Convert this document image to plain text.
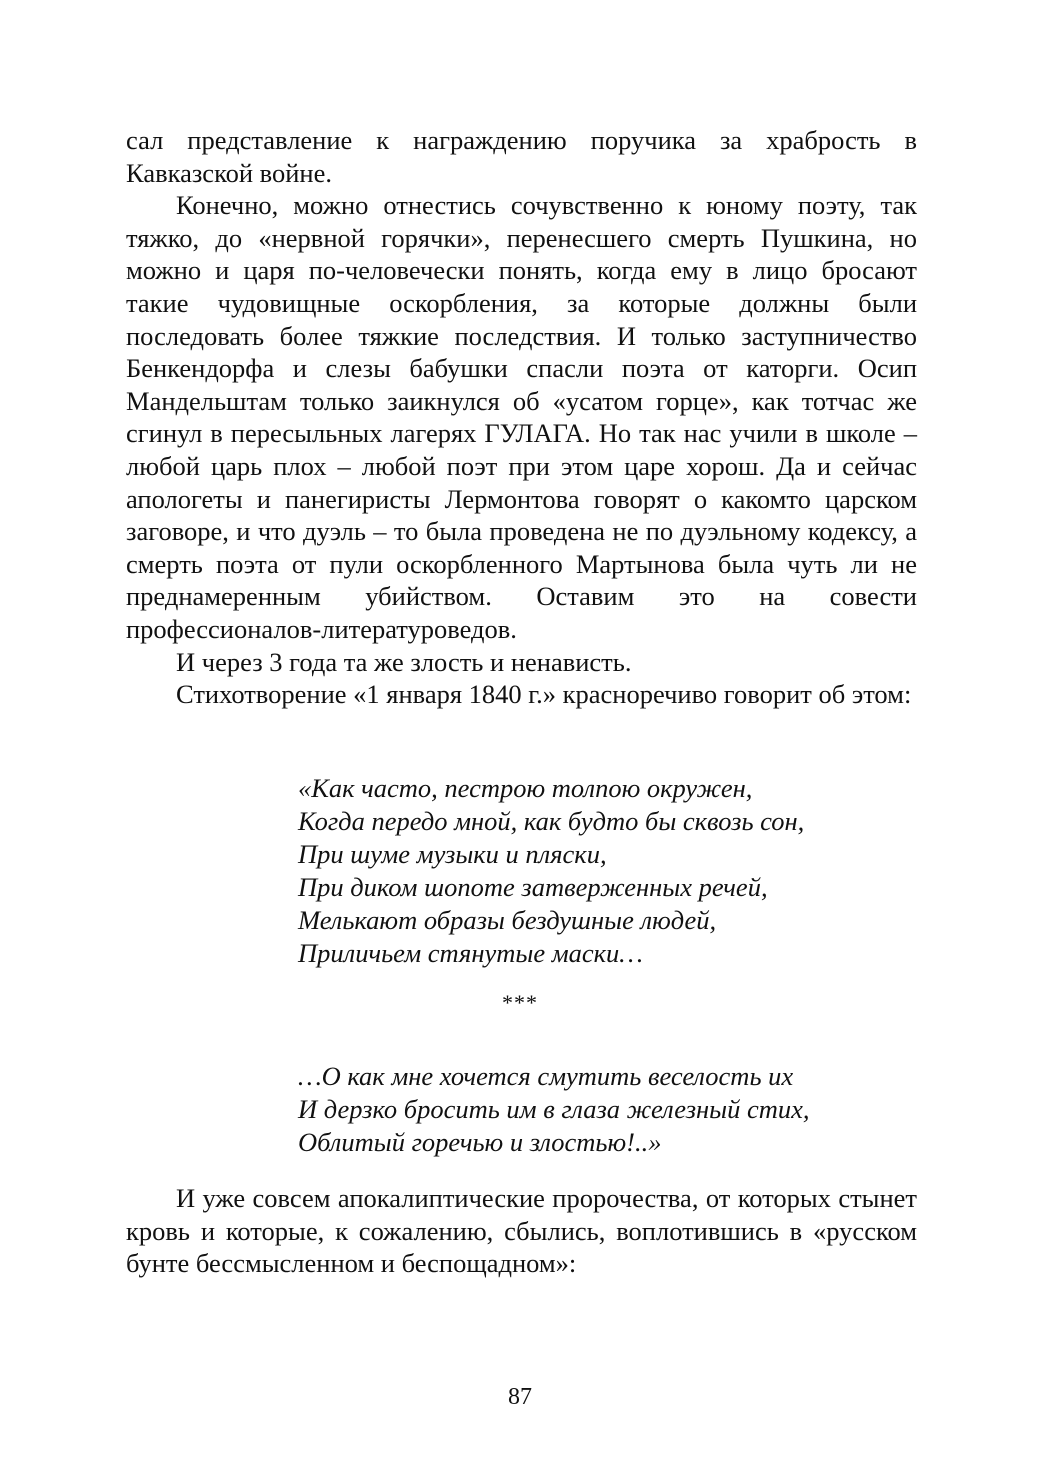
сал представление к награждению поручика за храбрость в Кавказской войне.

Конечно, можно отнестись сочувственно к юному поэту, так тяжко, до «нервной горячки», перенесшего смерть Пушкина, но можно и царя по-человечески понять, когда ему в лицо бросают такие чудовищные оскорбления, за которые должны были последовать более тяжкие последствия. И только заступничество Бенкендорфа и слезы бабушки спасли поэта от каторги. Осип Мандельштам только заикнулся об «усатом горце», как тотчас же сгинул в пересыльных лагерях ГУЛАГА. Но так нас учили в школе – любой царь плох – любой поэт при этом царе хорош. Да и сейчас апологеты и панегиристы Лермонтова говорят о какомто царском заговоре, и что дуэль – то была проведена не по дуэльному кодексу, а смерть поэта от пули оскорбленного Мартынова была чуть ли не преднамеренным убийством. Оставим это на совести профессионалов-литературоведов.

И через 3 года та же злость и ненависть.

Стихотворение «1 января 1840 г.» красноречиво говорит об этом:

«Как часто, пестрою толпою окружен,
Когда передо мной, как будто бы сквозь сон,
При шуме музыки и пляски,
При диком шопоте затверженных речей,
Мелькают образы бездушные людей,
Приличьем стянутые маски…
***
…О как мне хочется смутить веселость их
И дерзко бросить им в глаза железный стих,
Облитый горечью и злостью!..»

И уже совсем апокалиптические пророчества, от которых стынет кровь и которые, к сожалению, сбылись, воплотившись в «русском бунте бессмысленном и беспощадном»:

87
